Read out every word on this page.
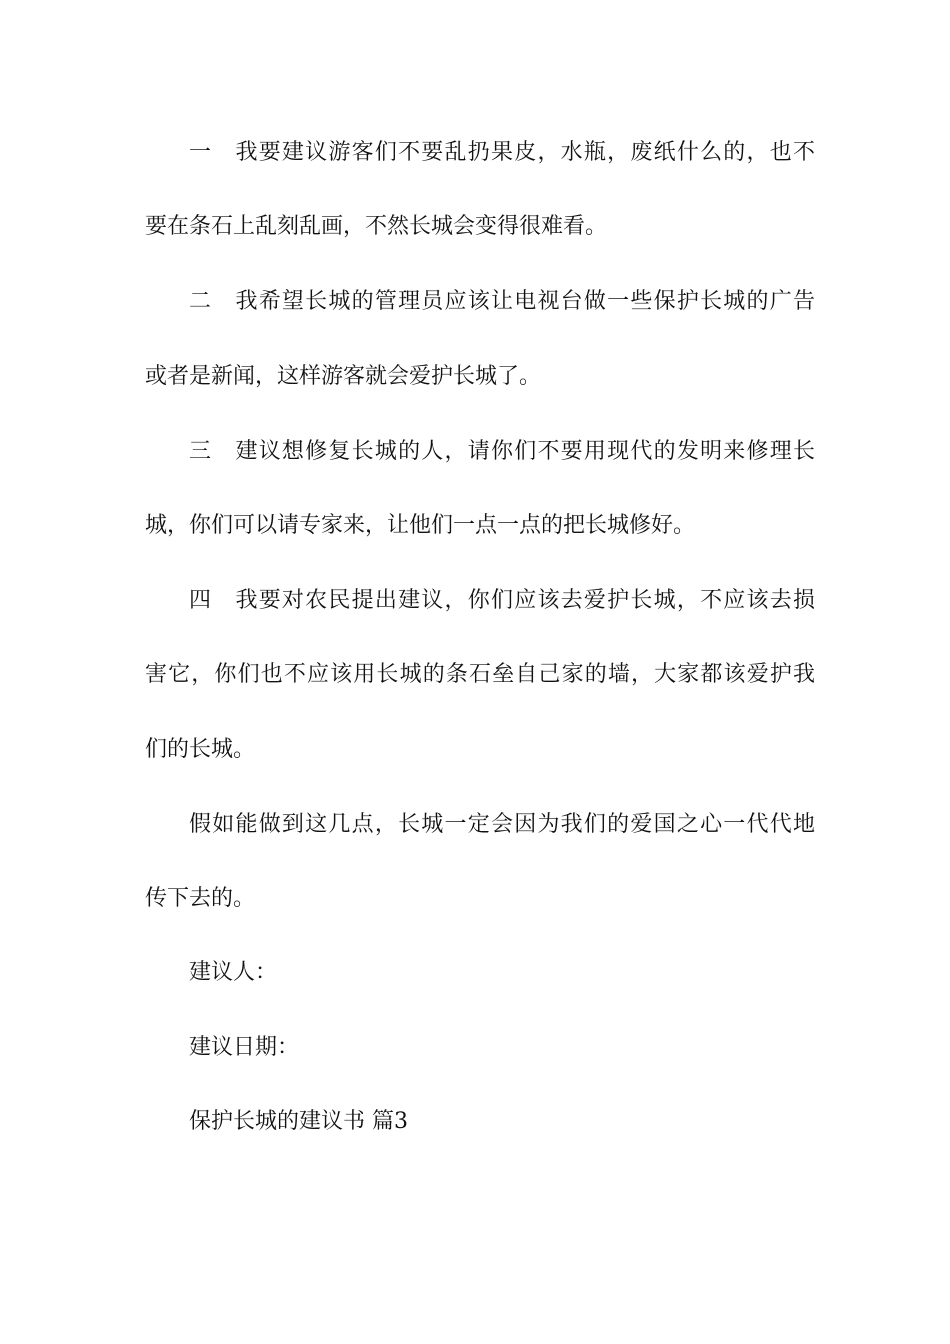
一　我要建议游客们不要乱扔果皮，水瓶，废纸什么的，也不
要在条石上乱刻乱画，不然长城会变得很难看。
二　我希望长城的管理员应该让电视台做一些保护长城的广告
或者是新闻，这样游客就会爱护长城了。
三　建议想修复长城的人，请你们不要用现代的发明来修理长
城，你们可以请专家来，让他们一点一点的把长城修好。
四　我要对农民提出建议，你们应该去爱护长城，不应该去损
害它，你们也不应该用长城的条石垒自己家的墙，大家都该爱护我
们的长城。
假如能做到这几点，长城一定会因为我们的爱国之心一代代地
传下去的。
建议人：
建议日期：
保护长城的建议书 篇3
